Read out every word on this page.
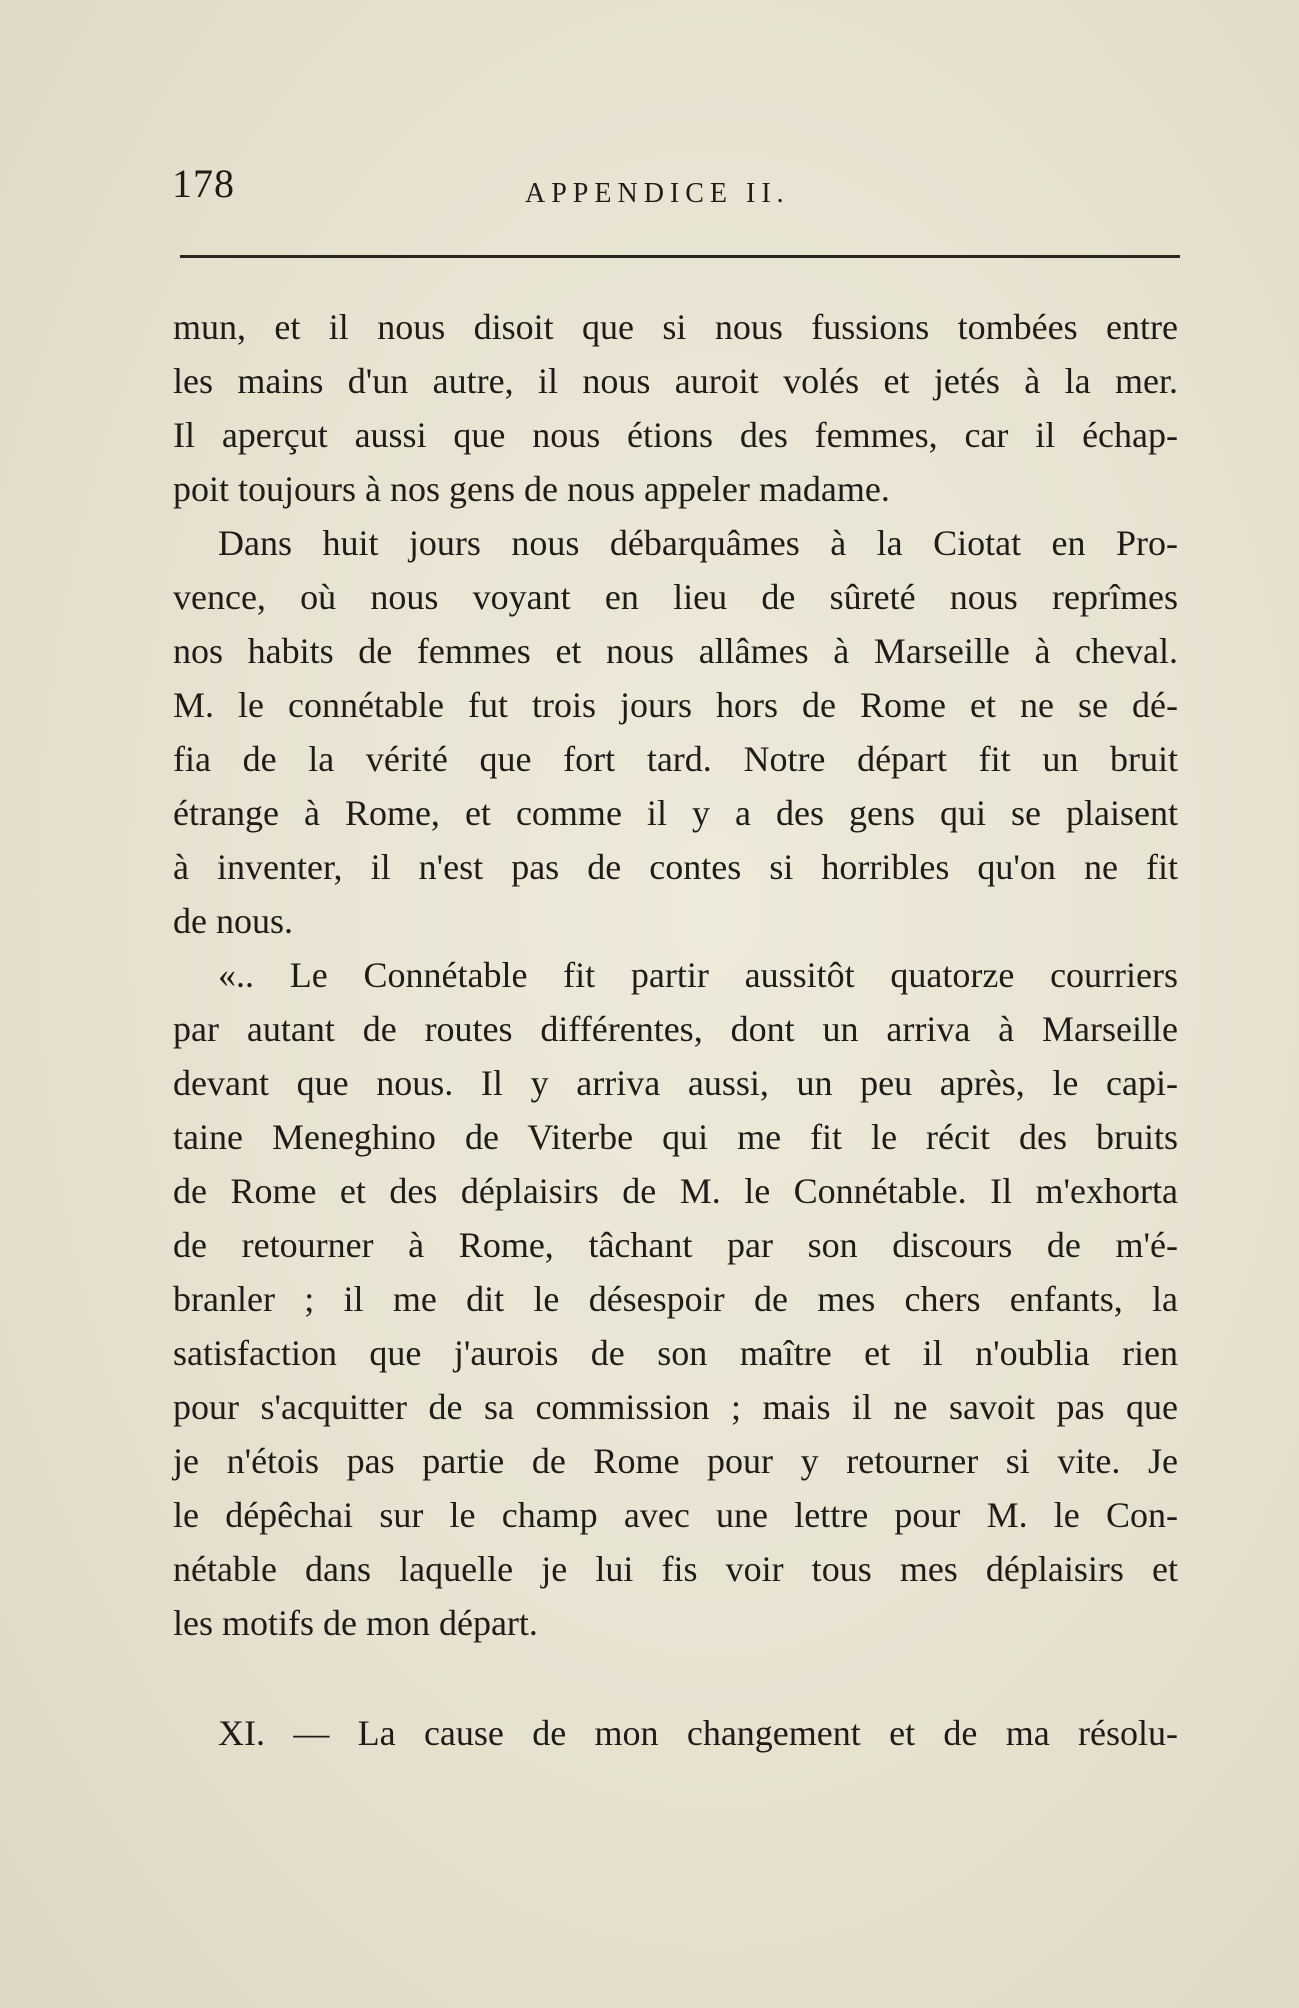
178	APPENDICE II.
mun, et il nous disoit que si nous fussions tombées entre
les mains d'un autre, il nous auroit volés et jetés à la mer.
Il aperçut aussi que nous étions des femmes, car il échap-
poit toujours à nos gens de nous appeler madame.
Dans huit jours nous débarquâmes à la Ciotat en Pro-
vence, où nous voyant en lieu de sûreté nous reprîmes
nos habits de femmes et nous allâmes à Marseille à cheval.
M. le connétable fut trois jours hors de Rome et ne se dé-
fia de la vérité que fort tard. Notre départ fit un bruit
étrange à Rome, et comme il y a des gens qui se plaisent
à inventer, il n'est pas de contes si horribles qu'on ne fit
de nous.
«.. Le Connétable fit partir aussitôt quatorze courriers
par autant de routes différentes, dont un arriva à Marseille
devant que nous. Il y arriva aussi, un peu après, le capi-
taine Meneghino de Viterbe qui me fit le récit des bruits
de Rome et des déplaisirs de M. le Connétable. Il m'exhorta
de retourner à Rome, tâchant par son discours de m'é-
branler ; il me dit le désespoir de mes chers enfants, la
satisfaction que j'aurois de son maître et il n'oublia rien
pour s'acquitter de sa commission ; mais il ne savoit pas que
je n'étois pas partie de Rome pour y retourner si vite. Je
le dépêchai sur le champ avec une lettre pour M. le Con-
nétable dans laquelle je lui fis voir tous mes déplaisirs et
les motifs de mon départ.
XI. — La cause de mon changement et de ma résolu-
